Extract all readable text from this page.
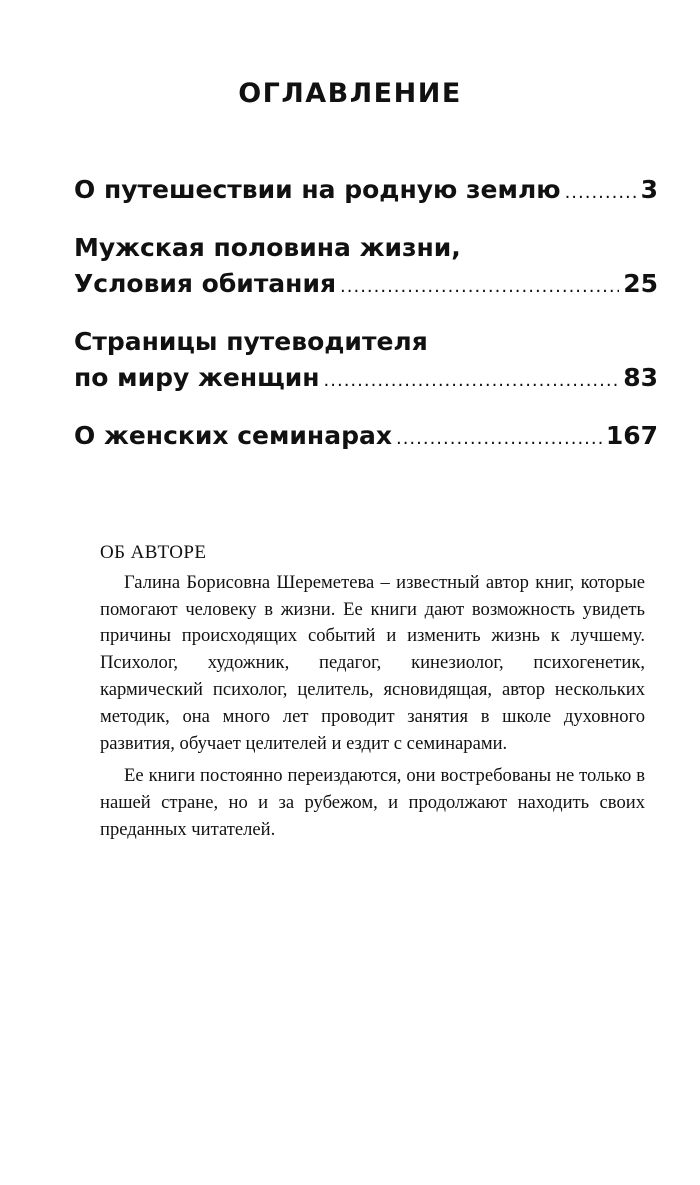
ОГЛАВЛЕНИЕ
О путешествии на родную землю .....	3
Мужская половина жизни,
Условия обитания .....	25
Страницы путеводителя
по миру женщин .....	83
О женских семинарах .....	167
ОБ АВТОРЕ

Галина Борисовна Шереметева – известный автор книг, которые помогают человеку в жизни. Ее книги дают возможность увидеть причины происходящих событий и изменить жизнь к лучшему. Психолог, художник, педагог, кинезиолог, психогенетик, кармический психолог, целитель, ясновидящая, автор нескольких методик, она много лет проводит занятия в школе духовного развития, обучает целителей и ездит с семинарами.

Ее книги постоянно переиздаются, они востребованы не только в нашей стране, но и за рубежом, и продолжают находить своих преданных читателей.
